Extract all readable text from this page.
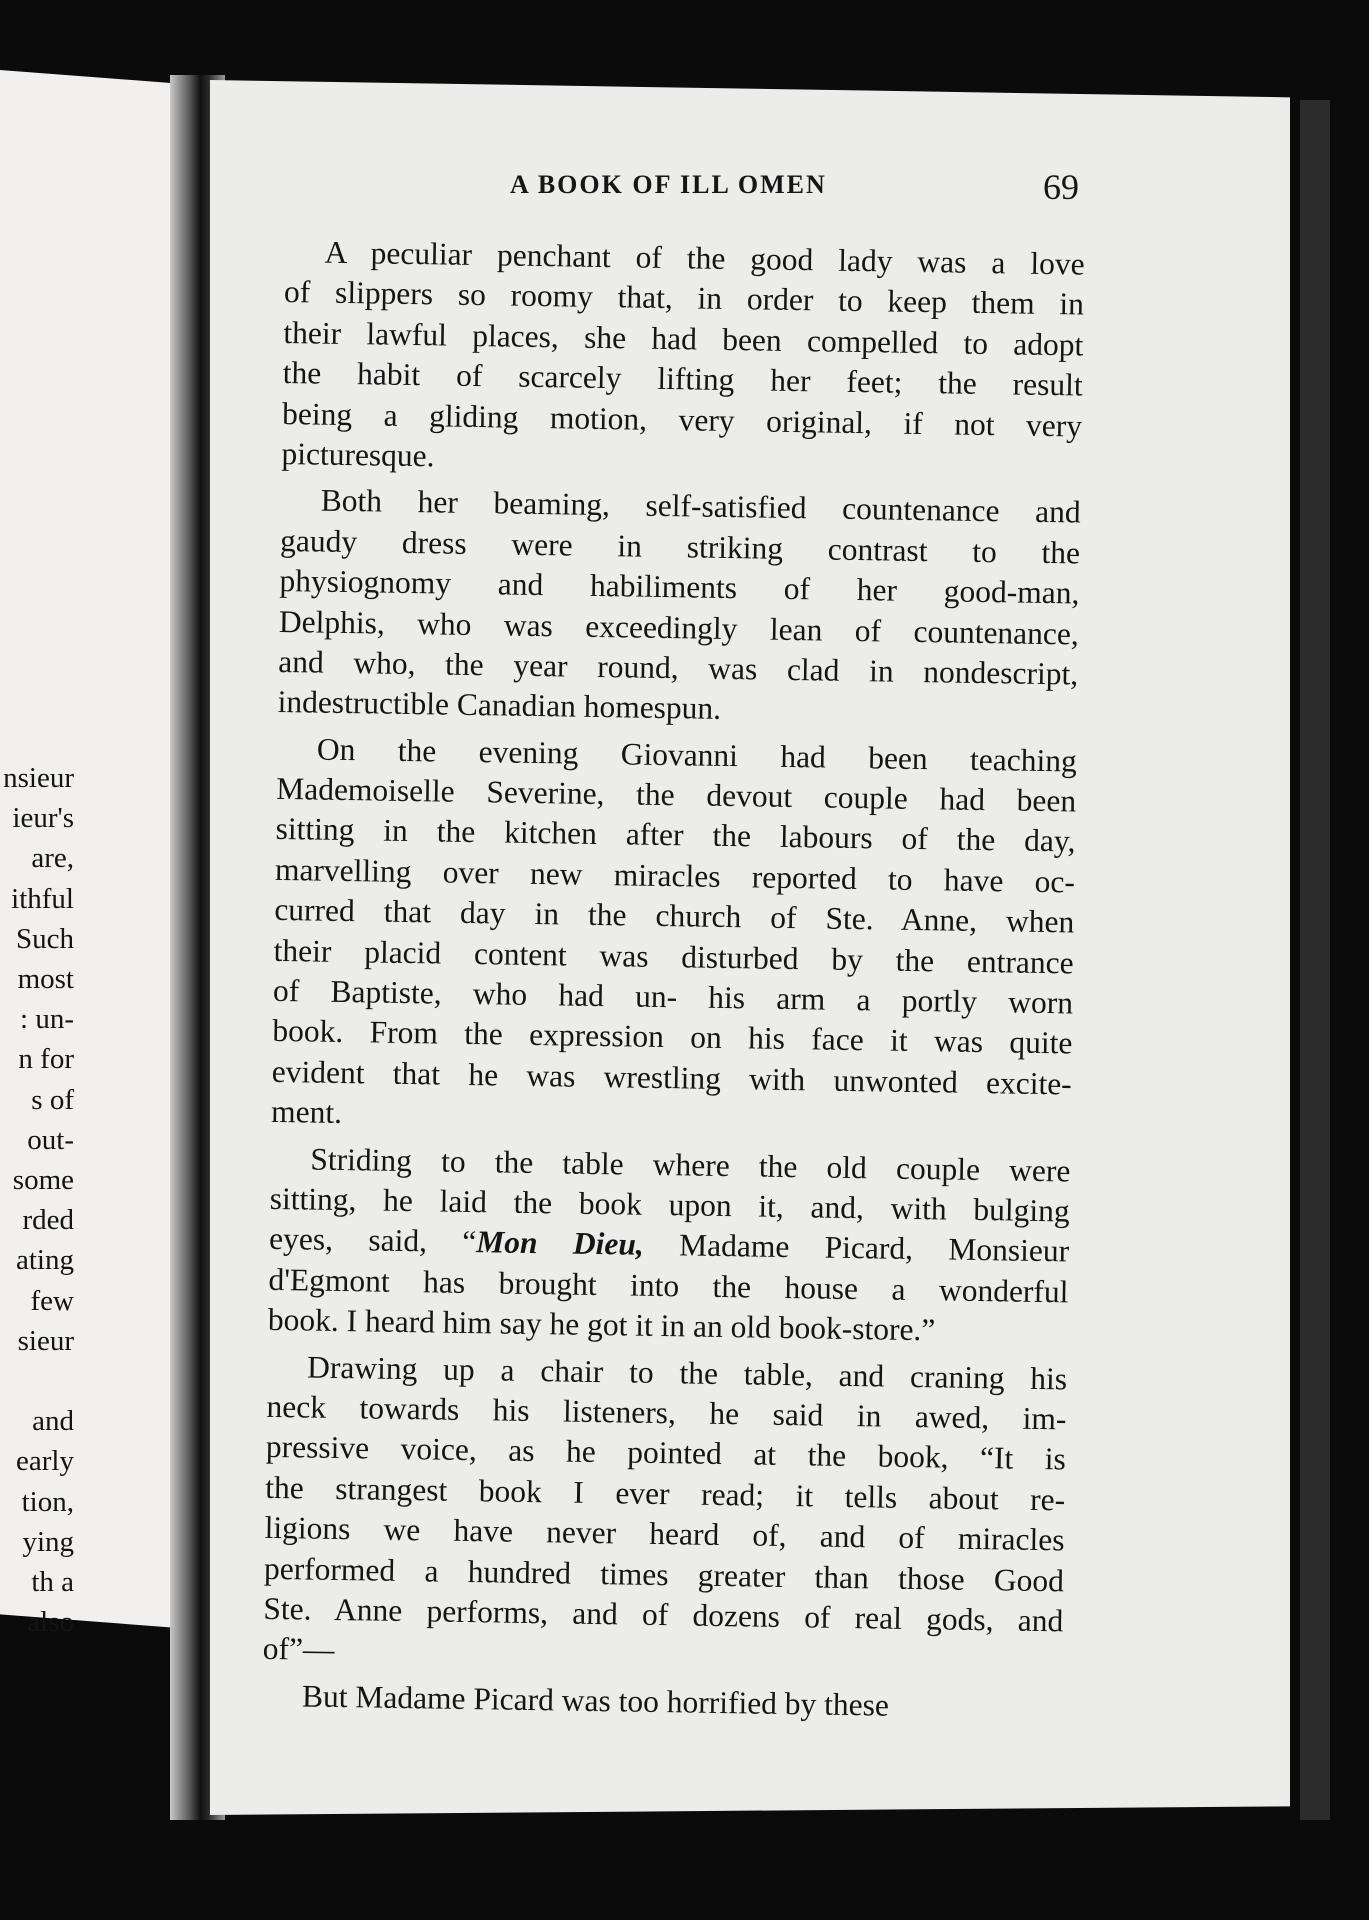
nsieur
ieur's
are,
ithful
Such
most
: un-
n for
s of
out-
some
rded
ating
few
sieur

and
early
tion,
ying
th a
also
A BOOK OF ILL OMEN	69
A peculiar penchant of the good lady was a love
of slippers so roomy that, in order to keep them in
their lawful places, she had been compelled to adopt
the habit of scarcely lifting her feet; the result
being a gliding motion, very original, if not very
picturesque.
Both her beaming, self-satisfied countenance and
gaudy dress were in striking contrast to the
physiognomy and habiliments of her good-man,
Delphis, who was exceedingly lean of countenance,
and who, the year round, was clad in nondescript,
indestructible Canadian homespun.
On the evening Giovanni had been teaching
Mademoiselle Severine, the devout couple had been
sitting in the kitchen after the labours of the day,
marvelling over new miracles reported to have oc-
curred that day in the church of Ste. Anne, when
their placid content was disturbed by the entrance
of Baptiste, who had un- his arm a portly worn
book. From the expression on his face it was quite
evident that he was wrestling with unwonted excite-
ment.
Striding to the table where the old couple were
sitting, he laid the book upon it, and, with bulging
eyes, said, “Mon Dieu, Madame Picard, Monsieur
d'Egmont has brought into the house a wonderful
book. I heard him say he got it in an old book-store.”
Drawing up a chair to the table, and craning his
neck towards his listeners, he said in awed, im-
pressive voice, as he pointed at the book, “It is
the strangest book I ever read; it tells about re-
ligions we have never heard of, and of miracles
performed a hundred times greater than those Good
Ste. Anne performs, and of dozens of real gods, and
of”—
But Madame Picard was too horrified by these
